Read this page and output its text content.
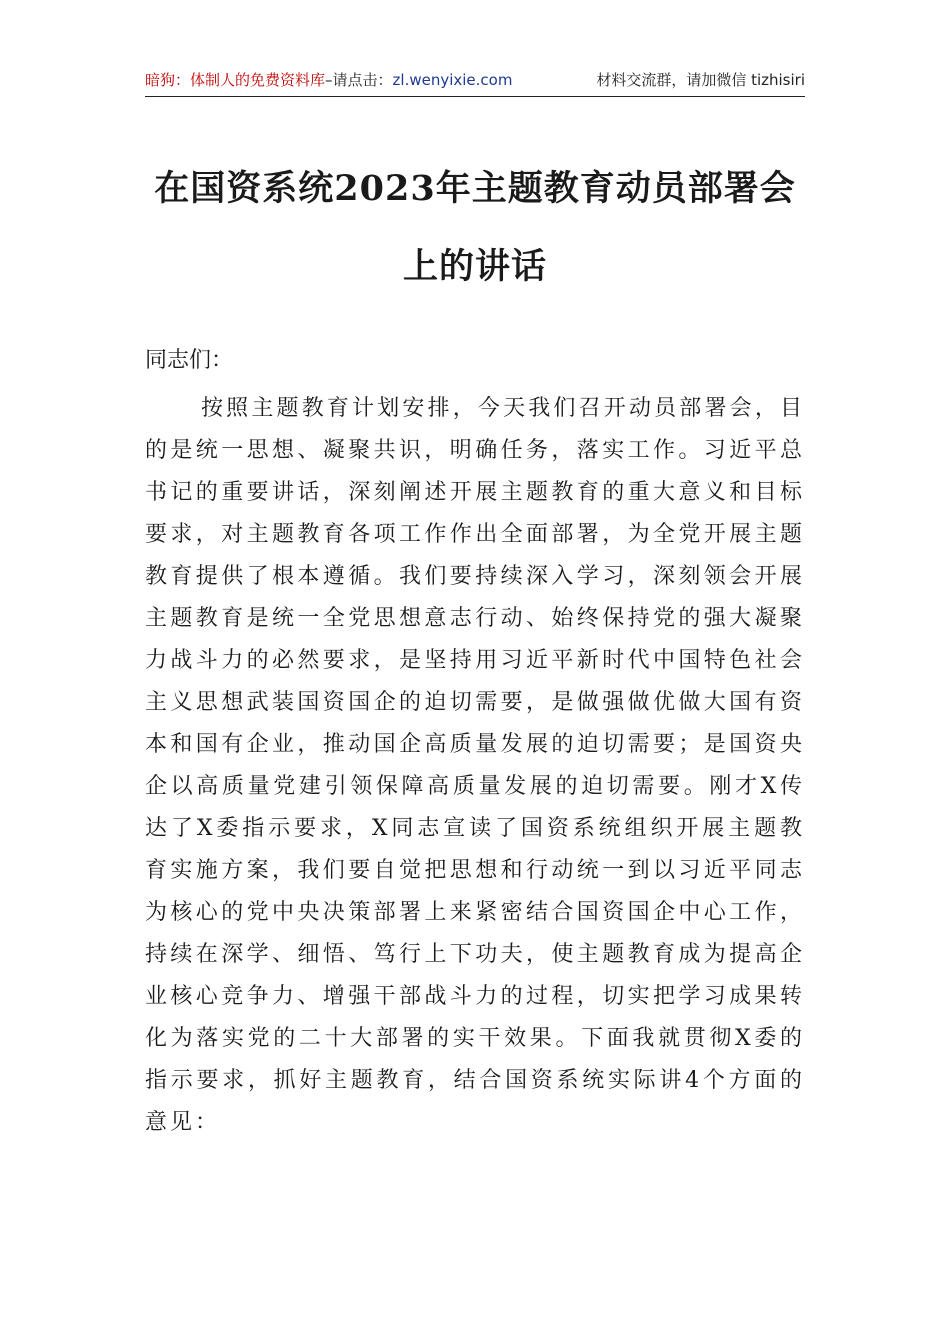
暗狗：体制人的免费资料库–请点击：zl.wenyixie.com	材料交流群，请加微信 tizhisiri
在国资系统2023年主题教育动员部署会上的讲话
同志们：
按照主题教育计划安排，今天我们召开动员部署会，目的是统一思想、凝聚共识，明确任务，落实工作。习近平总书记的重要讲话，深刻阐述开展主题教育的重大意义和目标要求，对主题教育各项工作作出全面部署，为全党开展主题教育提供了根本遵循。我们要持续深入学习，深刻领会开展主题教育是统一全党思想意志行动、始终保持党的强大凝聚力战斗力的必然要求，是坚持用习近平新时代中国特色社会主义思想武装国资国企的迫切需要，是做强做优做大国有资本和国有企业，推动国企高质量发展的迫切需要；是国资央企以高质量党建引领保障高质量发展的迫切需要。刚才X传达了X委指示要求，X同志宣读了国资系统组织开展主题教育实施方案，我们要自觉把思想和行动统一到以习近平同志为核心的党中央决策部署上来紧密结合国资国企中心工作，持续在深学、细悟、笃行上下功夫，使主题教育成为提高企业核心竞争力、增强干部战斗力的过程，切实把学习成果转化为落实党的二十大部署的实干效果。下面我就贯彻X委的指示要求，抓好主题教育，结合国资系统实际讲4个方面的意见：
